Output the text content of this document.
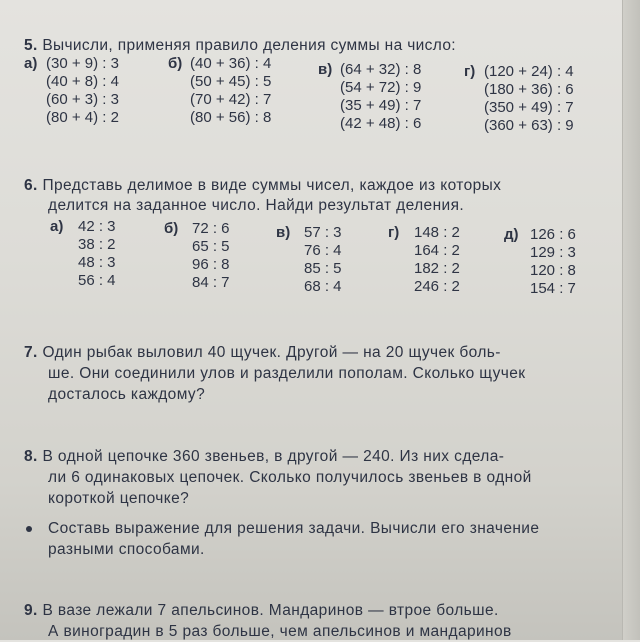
5. Вычисли, применяя правило деления суммы на число:
а) (30 + 9) : 3
(40 + 8) : 4
(60 + 3) : 3
(80 + 4) : 2
б) (40 + 36) : 4
(50 + 45) : 5
(70 + 42) : 7
(80 + 56) : 8
в) (64 + 32) : 8
(54 + 72) : 9
(35 + 49) : 7
(42 + 48) : 6
г) (120 + 24) : 4
(180 + 36) : 6
(350 + 49) : 7
(360 + 63) : 9
6. Представь делимое в виде суммы чисел, каждое из которых
делится на заданное число. Найди результат деления.
а) 42 : 3
38 : 2
48 : 3
56 : 4
б) 72 : 6
65 : 5
96 : 8
84 : 7
в) 57 : 3
76 : 4
85 : 5
68 : 4
г) 148 : 2
164 : 2
182 : 2
246 : 2
д) 126 : 6
129 : 3
120 : 8
154 : 7
7. Один рыбак выловил 40 щучек. Другой — на 20 щучек боль-
ше. Они соединили улов и разделили пополам. Сколько щучек
досталось каждому?
8. В одной цепочке 360 звеньев, в другой — 240. Из них сдела-
ли 6 одинаковых цепочек. Сколько получилось звеньев в одной
короткой цепочке?
Составь выражение для решения задачи. Вычисли его значение
разными способами.
9. В вазе лежали 7 апельсинов. Мандаринов — втрое больше.
А виноградин в 5 раз больше, чем апельсинов и мандаринов
